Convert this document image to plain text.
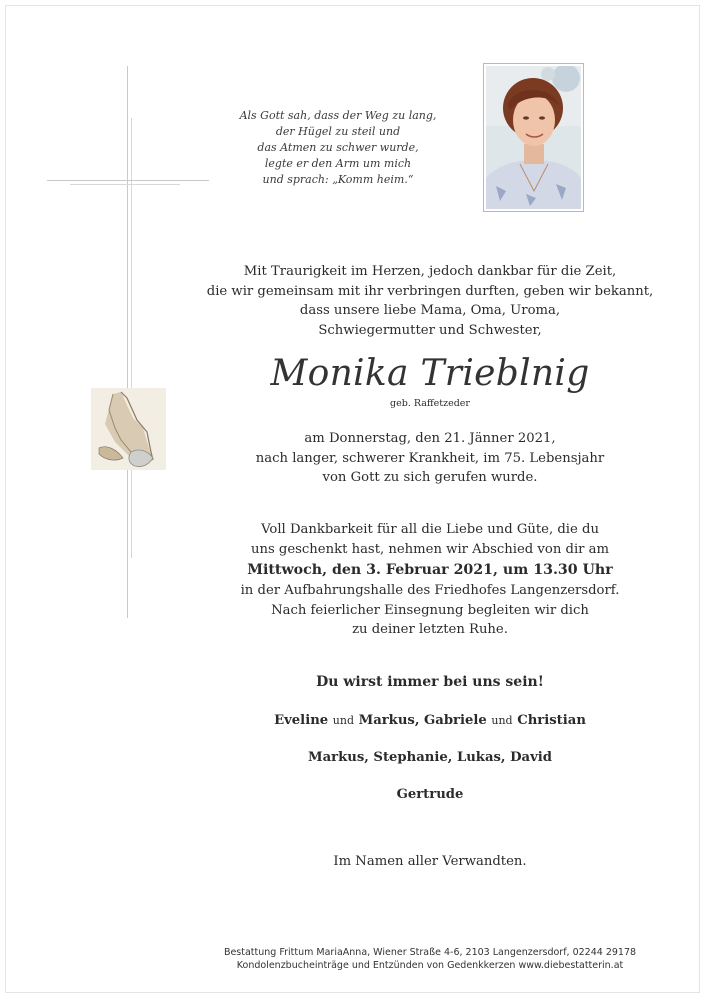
Als Gott sah, dass der Weg zu lang,
der Hügel zu steil und
das Atmen zu schwer wurde,
legte er den Arm um mich
und sprach: „Komm heim.“
Mit Traurigkeit im Herzen, jedoch dankbar für die Zeit,
die wir gemeinsam mit ihr verbringen durften, geben wir bekannt,
dass unsere liebe Mama, Oma, Uroma,
Schwiegermutter und Schwester,
Monika Trieblnig
geb. Raffetzeder
am Donnerstag, den 21. Jänner 2021,
nach langer, schwerer Krankheit, im 75. Lebensjahr
von Gott zu sich gerufen wurde.
Voll Dankbarkeit für all die Liebe und Güte, die du
uns geschenkt hast, nehmen wir Abschied von dir am
Mittwoch, den 3. Februar 2021, um 13.30 Uhr
in der Aufbahrungshalle des Friedhofes Langenzersdorf.
Nach feierlicher Einsegnung begleiten wir dich
zu deiner letzten Ruhe.
Du wirst immer bei uns sein!
Eveline und Markus, Gabriele und Christian
Markus, Stephanie, Lukas, David
Gertrude
Im Namen aller Verwandten.
Bestattung Frittum MariaAnna, Wiener Straße 4-6, 2103 Langenzersdorf, 02244 29178
Kondolenzbucheinträge und Entzünden von Gedenkkerzen www.diebestatterin.at
